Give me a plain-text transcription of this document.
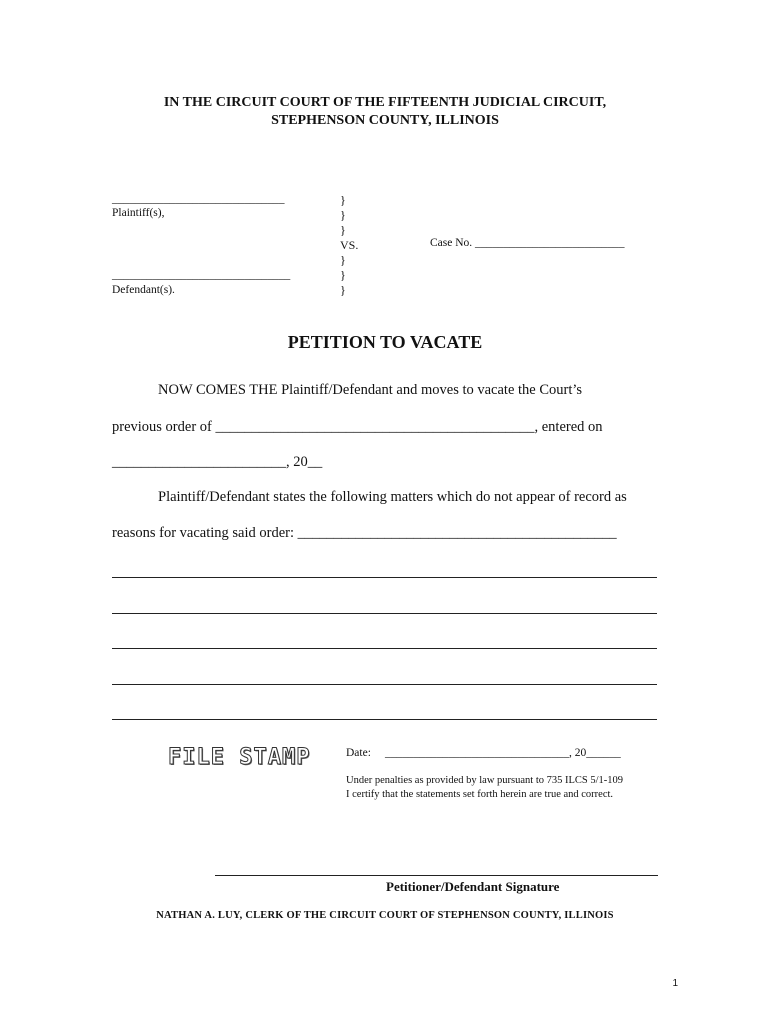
IN THE CIRCUIT COURT OF THE FIFTEENTH JUDICIAL CIRCUIT,
STEPHENSON COUNTY, ILLINOIS
______________________________
Plaintiff(s),
_______________________________
Defendant(s).
}
}
}
VS.
}
}
}
Case No. __________________________
PETITION TO VACATE
NOW COMES THE Plaintiff/Defendant and moves to vacate the Court’s
previous order of ____________________________________________, entered on
________________________, 20__
Plaintiff/Defendant states the following matters which do not appear of record as
reasons for vacating said order: ____________________________________________
FILE STAMP	Date: ________________________________, 20______
Under penalties as provided by law pursuant to 735 ILCS 5/1-109
I certify that the statements set forth herein are true and correct.
Petitioner/Defendant Signature
NATHAN A. LUY, CLERK OF THE CIRCUIT COURT OF STEPHENSON COUNTY, ILLINOIS
1
